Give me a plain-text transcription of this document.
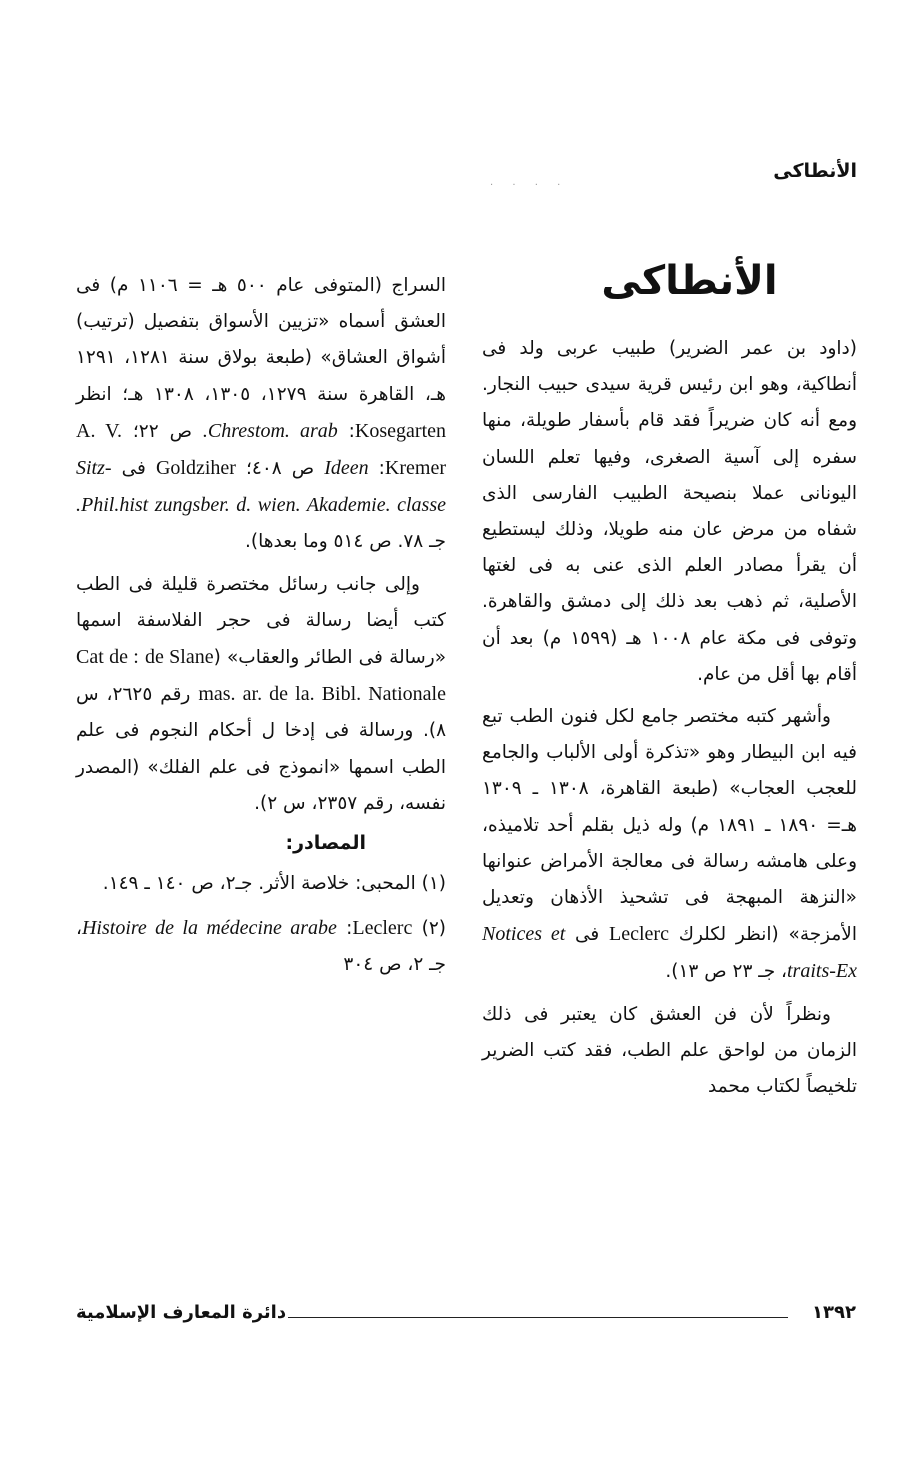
الأنطاكى
· · · ·
الأنطاكى

(داود بن عمر الضرير) طبيب عربى ولد فى أنطاكية، وهو ابن رئيس قرية سيدى حبيب النجار. ومع أنه كان ضريراً فقد قام بأسفار طويلة، منها سفره إلى آسية الصغرى، وفيها تعلم اللسان اليونانى عملا بنصيحة الطبيب الفارسى الذى شفاه من مرض عان منه طويلا، وذلك ليستطيع أن يقرأ مصادر العلم الذى عنى به فى لغتها الأصلية، ثم ذهب بعد ذلك إلى دمشق والقاهرة. وتوفى فى مكة عام ١٠٠٨ هـ (١٥٩٩ م) بعد أن أقام بها أقل من عام.

وأشهر كتبه مختصر جامع لكل فنون الطب تبع فيه ابن البيطار وهو «تذكرة أولى الألباب والجامع للعجب العجاب» (طبعة القاهرة، ١٣٠٨ ـ ١٣٠٩ هـ= ١٨٩٠ ـ ١٨٩١ م) وله ذيل بقلم أحد تلاميذه، وعلى هامشه رسالة فى معالجة الأمراض عنوانها «النزهة المبهجة فى تشحيذ الأذهان وتعديل الأمزجة» (انظر لكلرك Leclerc فى Notices et Ex-traits، جـ ٢٣ ص ١٣).

ونظراً لأن فن العشق كان يعتبر فى ذلك الزمان من لواحق علم الطب، فقد كتب الضرير تلخيصاً لكتاب محمد

السراج (المتوفى عام ٥٠٠ هـ = ١١٠٦ م) فى العشق أسماه «تزيين الأسواق بتفصيل (ترتيب) أشواق العشاق» (طبعة بولاق سنة ١٢٨١، ١٢٩١ هـ، القاهرة سنة ١٢٧٩، ١٣٠٥، ١٣٠٨ هـ؛ انظر Kosegarten: Chrestom. arab. ص ٢٢؛ A. V. Kremer: Ideen ص ٤٠٨؛ Goldziher فى Sitz-Phil.hist zungsber. d. wien. Akademie. classe. جـ ٧٨. ص ٥١٤ وما بعدها).

وإلى جانب رسائل مختصرة قليلة فى الطب كتب أيضا رسالة فى حجر الفلاسفة اسمها «رسالة فى الطائر والعقاب» (de Slane : Cat de mas. ar. de la. Bibl. Nationale رقم ٢٦٢٥، س ٨). ورسالة فى إدخا ل أحكام النجوم فى علم الطب اسمها «انموذج فى علم الفلك» (المصدر نفسه، رقم ٢٣٥٧، س ٢).

المصادر:

(١) المحبى: خلاصة الأثر. جـ٢، ص ١٤٠ ـ ١٤٩.

(٢) Leclerc: Histoire de la médecine arabe، جـ ٢، ص ٣٠٤

١٣٩٢
دائرة المعارف الإسلامية
